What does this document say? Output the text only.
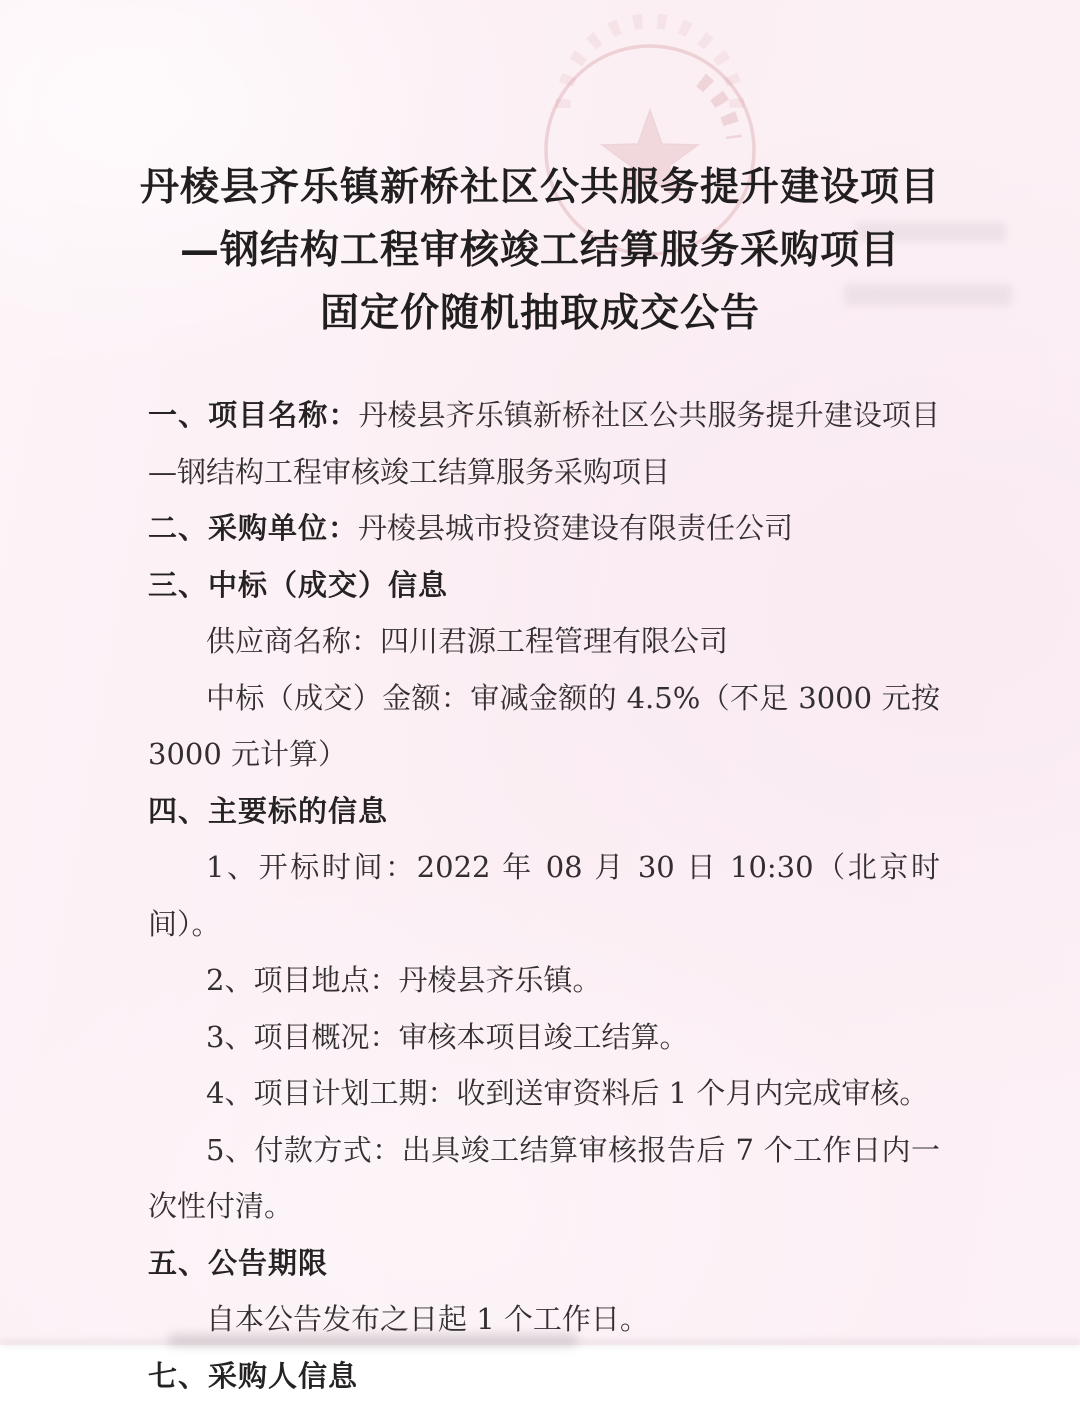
丹棱县齐乐镇新桥社区公共服务提升建设项目
—钢结构工程审核竣工结算服务采购项目
固定价随机抽取成交公告

一、项目名称：丹棱县齐乐镇新桥社区公共服务提升建设项目—钢结构工程审核竣工结算服务采购项目

二、采购单位：丹棱县城市投资建设有限责任公司

三、中标（成交）信息

供应商名称：四川君源工程管理有限公司

中标（成交）金额：审减金额的 4.5%（不足 3000 元按 3000 元计算）

四、主要标的信息

1、开标时间：2022 年 08 月 30 日 10:30（北京时间）。

2、项目地点：丹棱县齐乐镇。

3、项目概况：审核本项目竣工结算。

4、项目计划工期：收到送审资料后 1 个月内完成审核。

5、付款方式：出具竣工结算审核报告后 7 个工作日内一次性付清。

五、公告期限

自本公告发布之日起 1 个工作日。

七、采购人信息
